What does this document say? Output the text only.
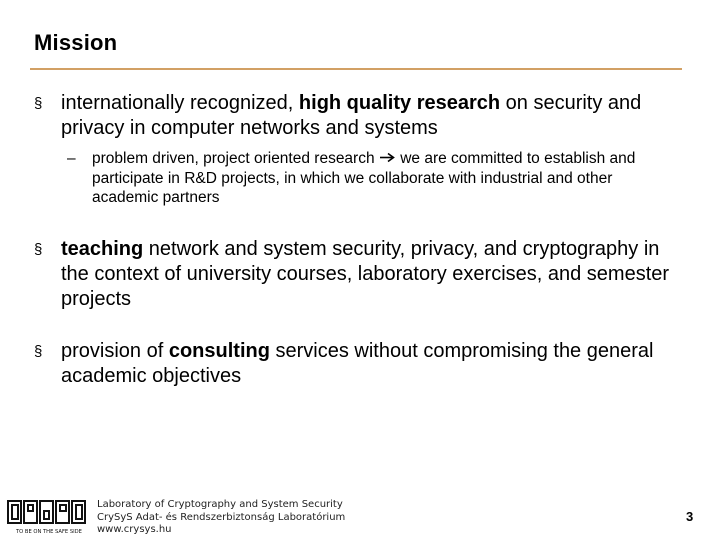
Mission
§ internationally recognized, high quality research on security and privacy in computer networks and systems
– problem driven, project oriented research  we are committed to establish and participate in R&D projects, in which we collaborate with industrial and other academic partners
§ teaching network and system security, privacy, and cryptography in the context of university courses, laboratory exercises, and semester projects
§ provision of consulting services without compromising the general academic objectives
TO BE ON THE SAFE SIDE
Laboratory of Cryptography and System Security
CrySyS Adat- és Rendszerbiztonság Laboratórium
www.crysys.hu
3
